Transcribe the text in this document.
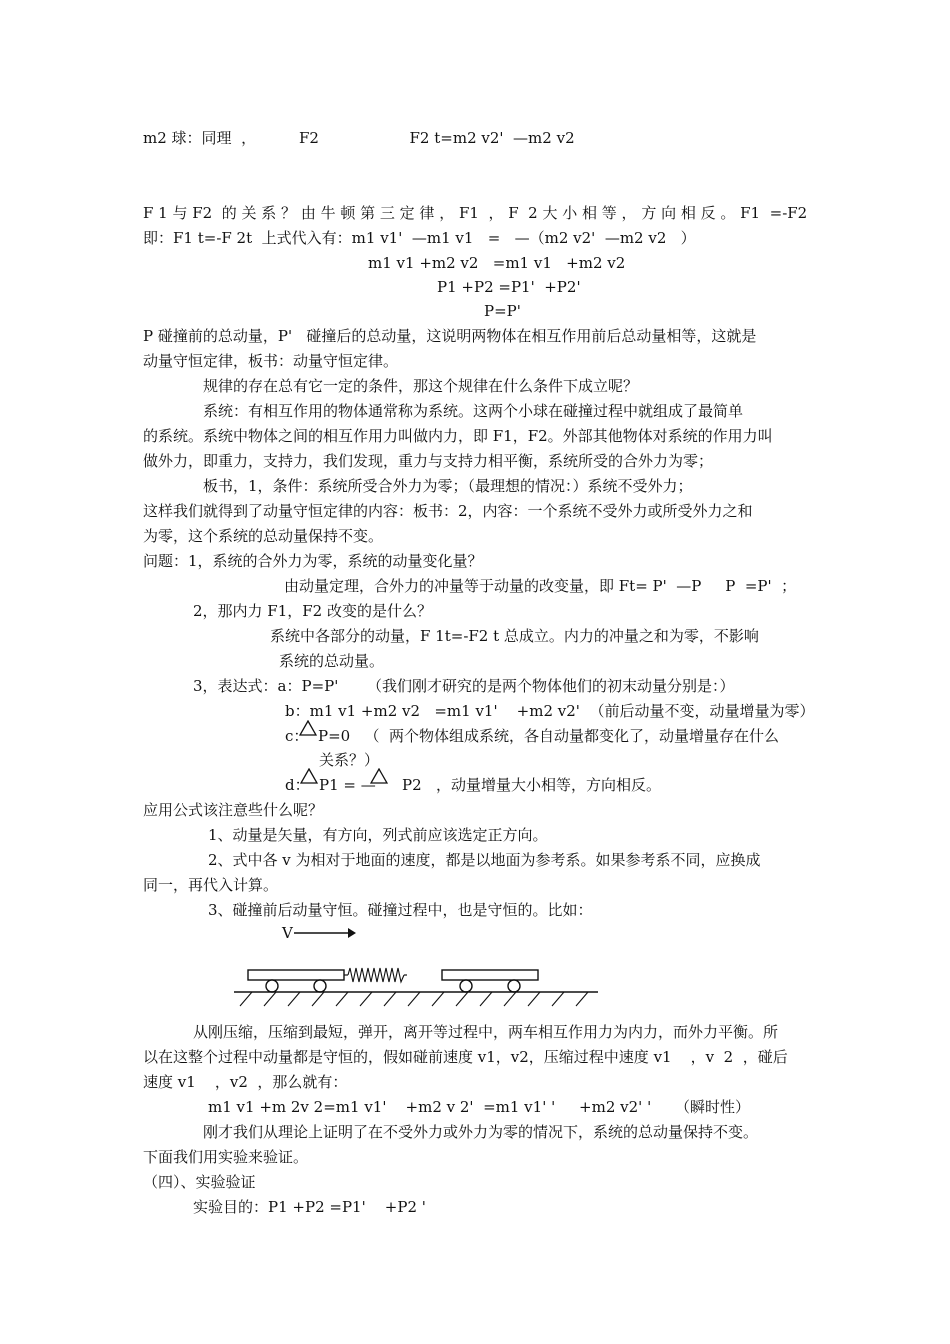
m2 球：同理  ，         F2                   F2 t=m2 v2'  —m2 v2
F 1 与 F2  的 关 系 ？ 由 牛 顿 第 三 定 律 ， F1  ， F  2 大 小 相 等 ， 方 向 相 反 。 F1  =-F2
即：F1 t=-F 2t  上式代入有：m1 v1'  —m1 v1   =   —（m2 v2'  —m2 v2   ）
m1 v1 +m2 v2   =m1 v1   +m2 v2
P1 +P2 =P1'  +P2'
P=P'
P 碰撞前的总动量，P'   碰撞后的总动量，这说明两物体在相互作用前后总动量相等，这就是
动量守恒定律，板书：动量守恒定律。
规律的存在总有它一定的条件，那这个规律在什么条件下成立呢？
系统：有相互作用的物体通常称为系统。这两个小球在碰撞过程中就组成了最简单
的系统。系统中物体之间的相互作用力叫做内力，即 F1，F2。外部其他物体对系统的作用力叫
做外力，即重力，支持力，我们发现，重力与支持力相平衡，系统所受的合外力为零；
板书，1，条件：系统所受合外力为零；（最理想的情况：）系统不受外力；
这样我们就得到了动量守恒定律的内容：板书：2，内容：一个系统不受外力或所受外力之和
为零，这个系统的总动量保持不变。
问题：1，系统的合外力为零，系统的动量变化量？
由动量定理，合外力的冲量等于动量的改变量，即 Ft= P'  —P     P  =P'  ；
2，那内力 F1，F2 改变的是什么？
系统中各部分的动量，F 1t=-F2 t 总成立。内力的冲量之和为零，不影响
系统的总动量。
3，表达式：a：P=P'      （我们刚才研究的是两个物体他们的初末动量分别是：）
b：m1 v1 +m2 v2   =m1 v1'    +m2 v2'  （前后动量不变，动量增量为零）
c： P=0   （  两个物体组成系统，各自动量都变化了，动量增量存在什么
关系？）
d： P1 = — P2   ，动量增量大小相等，方向相反。
应用公式该注意些什么呢？
1、动量是矢量，有方向，列式前应该选定正方向。
2、式中各 v 为相对于地面的速度，都是以地面为参考系。如果参考系不同，应换成
同一，再代入计算。
3、碰撞前后动量守恒。碰撞过程中，也是守恒的。比如：
V
从刚压缩，压缩到最短，弹开，离开等过程中，两车相互作用力为内力，而外力平衡。所
以在这整个过程中动量都是守恒的，假如碰前速度 v1，v2，压缩过程中速度 v1    ，v  2  ，碰后
速度 v1    ，v2  ，那么就有：
m1 v1 +m 2v 2=m1 v1'    +m2 v 2'  =m1 v1' '     +m2 v2' '     （瞬时性）
刚才我们从理论上证明了在不受外力或外力为零的情况下，系统的总动量保持不变。
下面我们用实验来验证。
（四）、实验验证
实验目的：P1 +P2 =P1'    +P2 '
